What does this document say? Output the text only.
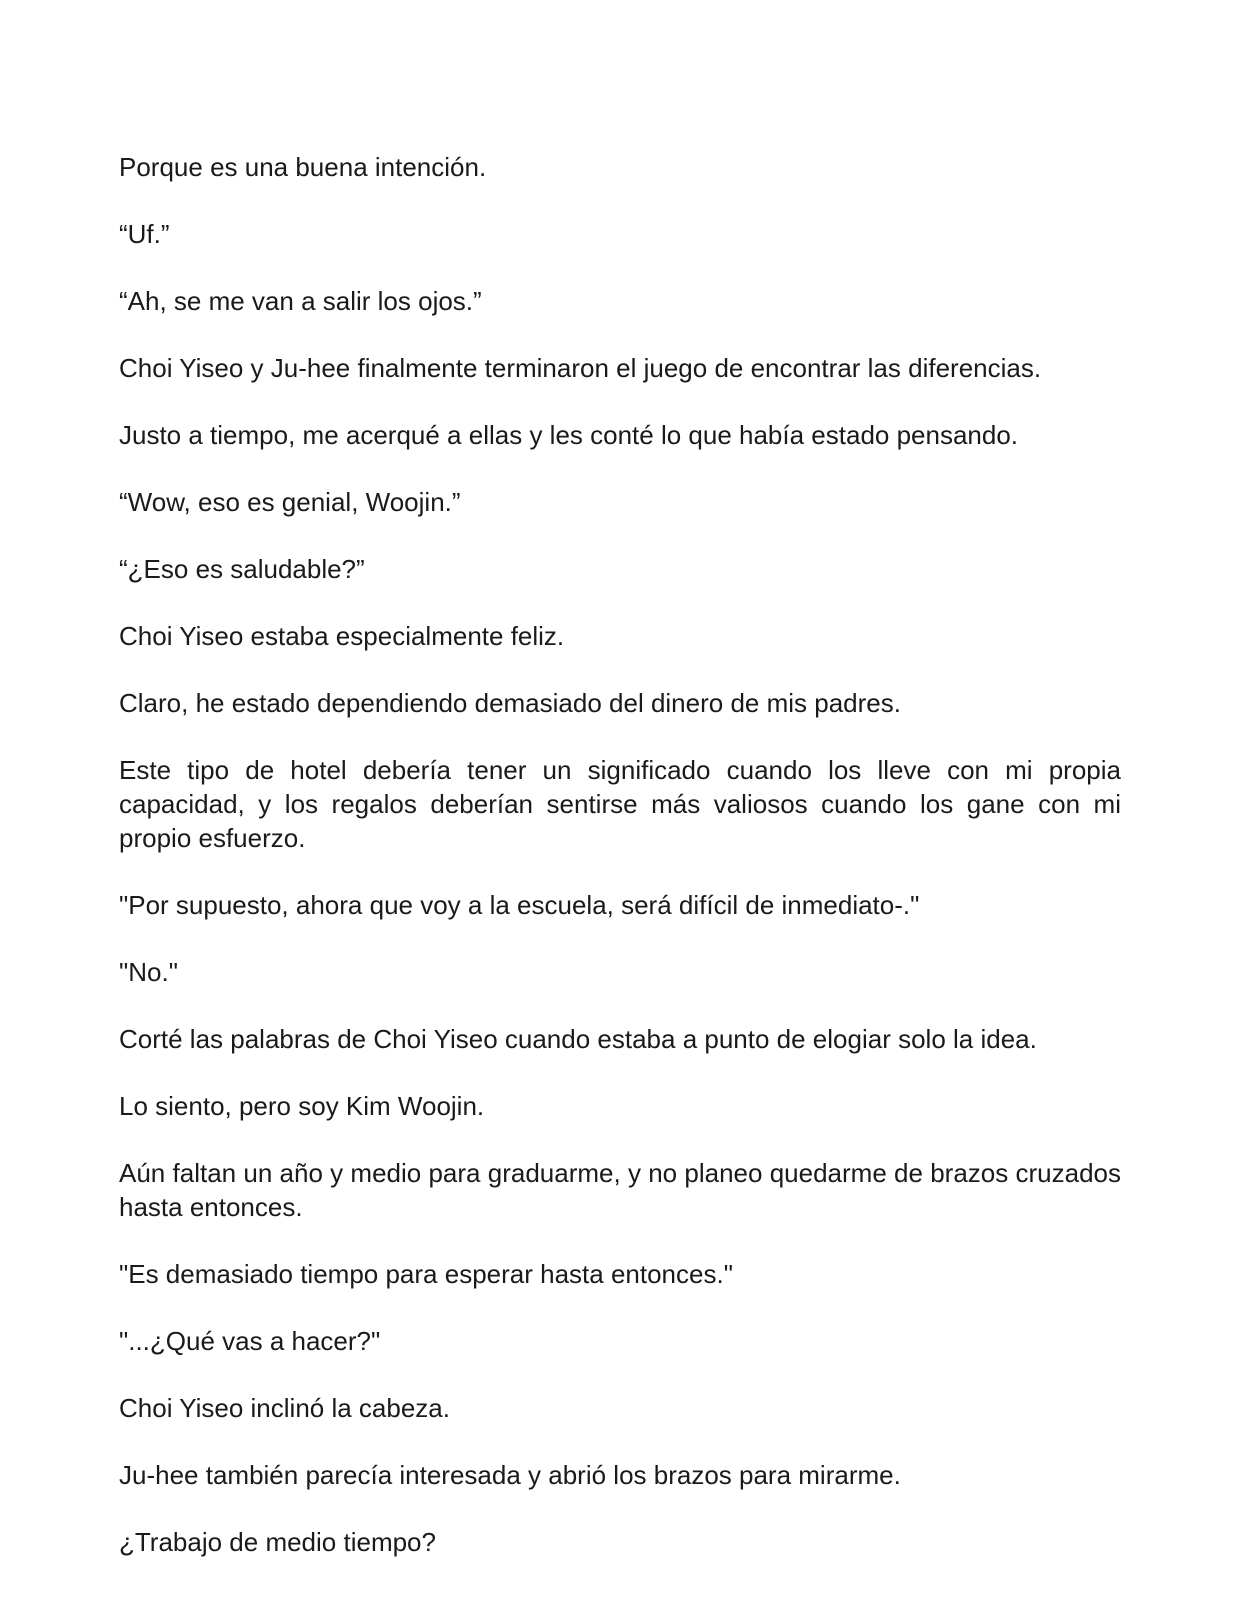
Porque es una buena intención.

“Uf.”

“Ah, se me van a salir los ojos.”

Choi Yiseo y Ju-hee finalmente terminaron el juego de encontrar las diferencias.

Justo a tiempo, me acerqué a ellas y les conté lo que había estado pensando.

“Wow, eso es genial, Woojin.”

“¿Eso es saludable?”

Choi Yiseo estaba especialmente feliz.

Claro, he estado dependiendo demasiado del dinero de mis padres.

Este tipo de hotel debería tener un significado cuando los lleve con mi propia capacidad, y los regalos deberían sentirse más valiosos cuando los gane con mi propio esfuerzo.

"Por supuesto, ahora que voy a la escuela, será difícil de inmediato-."

"No."

Corté las palabras de Choi Yiseo cuando estaba a punto de elogiar solo la idea.

Lo siento, pero soy Kim Woojin.

Aún faltan un año y medio para graduarme, y no planeo quedarme de brazos cruzados hasta entonces.

"Es demasiado tiempo para esperar hasta entonces."

"...¿Qué vas a hacer?"

Choi Yiseo inclinó la cabeza.

Ju-hee también parecía interesada y abrió los brazos para mirarme.

¿Trabajo de medio tiempo?
